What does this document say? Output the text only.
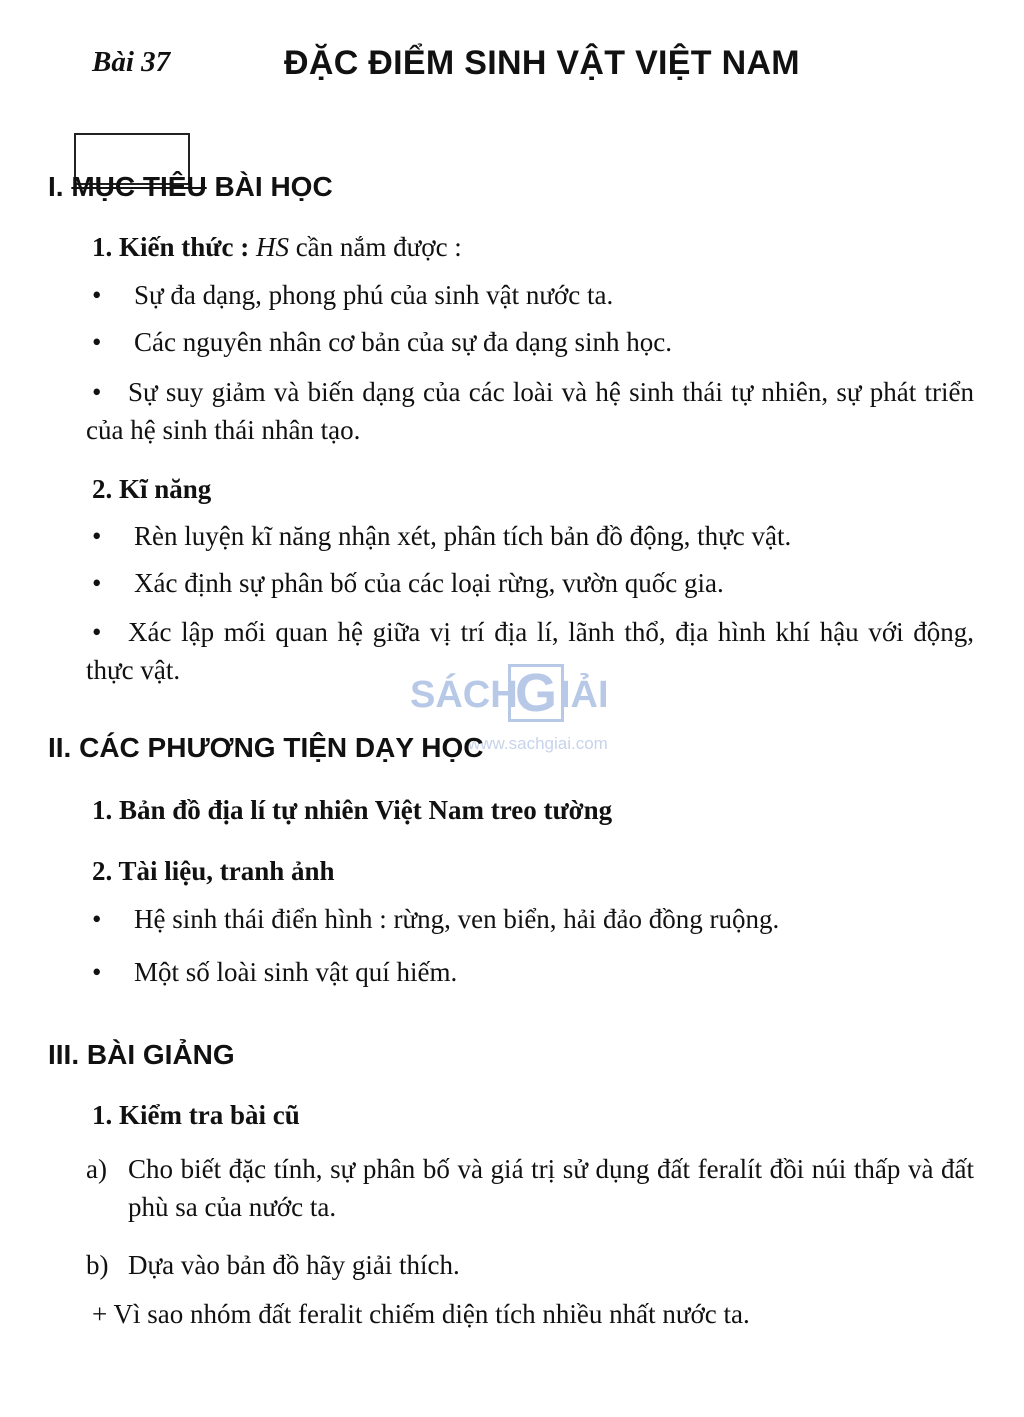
Bài 37	ĐẶC ĐIỂM SINH VẬT VIỆT NAM
I. MỤC TIÊU BÀI HỌC
1. Kiến thức : HS cần nắm được :
• Sự đa dạng, phong phú của sinh vật nước ta.
• Các nguyên nhân cơ bản của sự đa dạng sinh học.
• Sự suy giảm và biến dạng của các loài và hệ sinh thái tự nhiên, sự phát triển của hệ sinh thái nhân tạo.
2. Kĩ năng
• Rèn luyện kĩ năng nhận xét, phân tích bản đồ động, thực vật.
• Xác định sự phân bố của các loại rừng, vườn quốc gia.
• Xác lập mối quan hệ giữa vị trí địa lí, lãnh thổ, địa hình khí hậu với động, thực vật.
SÁCH
G IẢI
www.sachgiai.com
II. CÁC PHƯƠNG TIỆN DẠY HỌC
1. Bản đồ địa lí tự nhiên Việt Nam treo tường
2. Tài liệu, tranh ảnh
• Hệ sinh thái điển hình : rừng, ven biển, hải đảo đồng ruộng.
• Một số loài sinh vật quí hiếm.
III. BÀI GIẢNG
1. Kiểm tra bài cũ
a) Cho biết đặc tính, sự phân bố và giá trị sử dụng đất feralít đồi núi thấp và đất phù sa của nước ta.
b) Dựa vào bản đồ hãy giải thích.
+ Vì sao nhóm đất feralit chiếm diện tích nhiều nhất nước ta.
